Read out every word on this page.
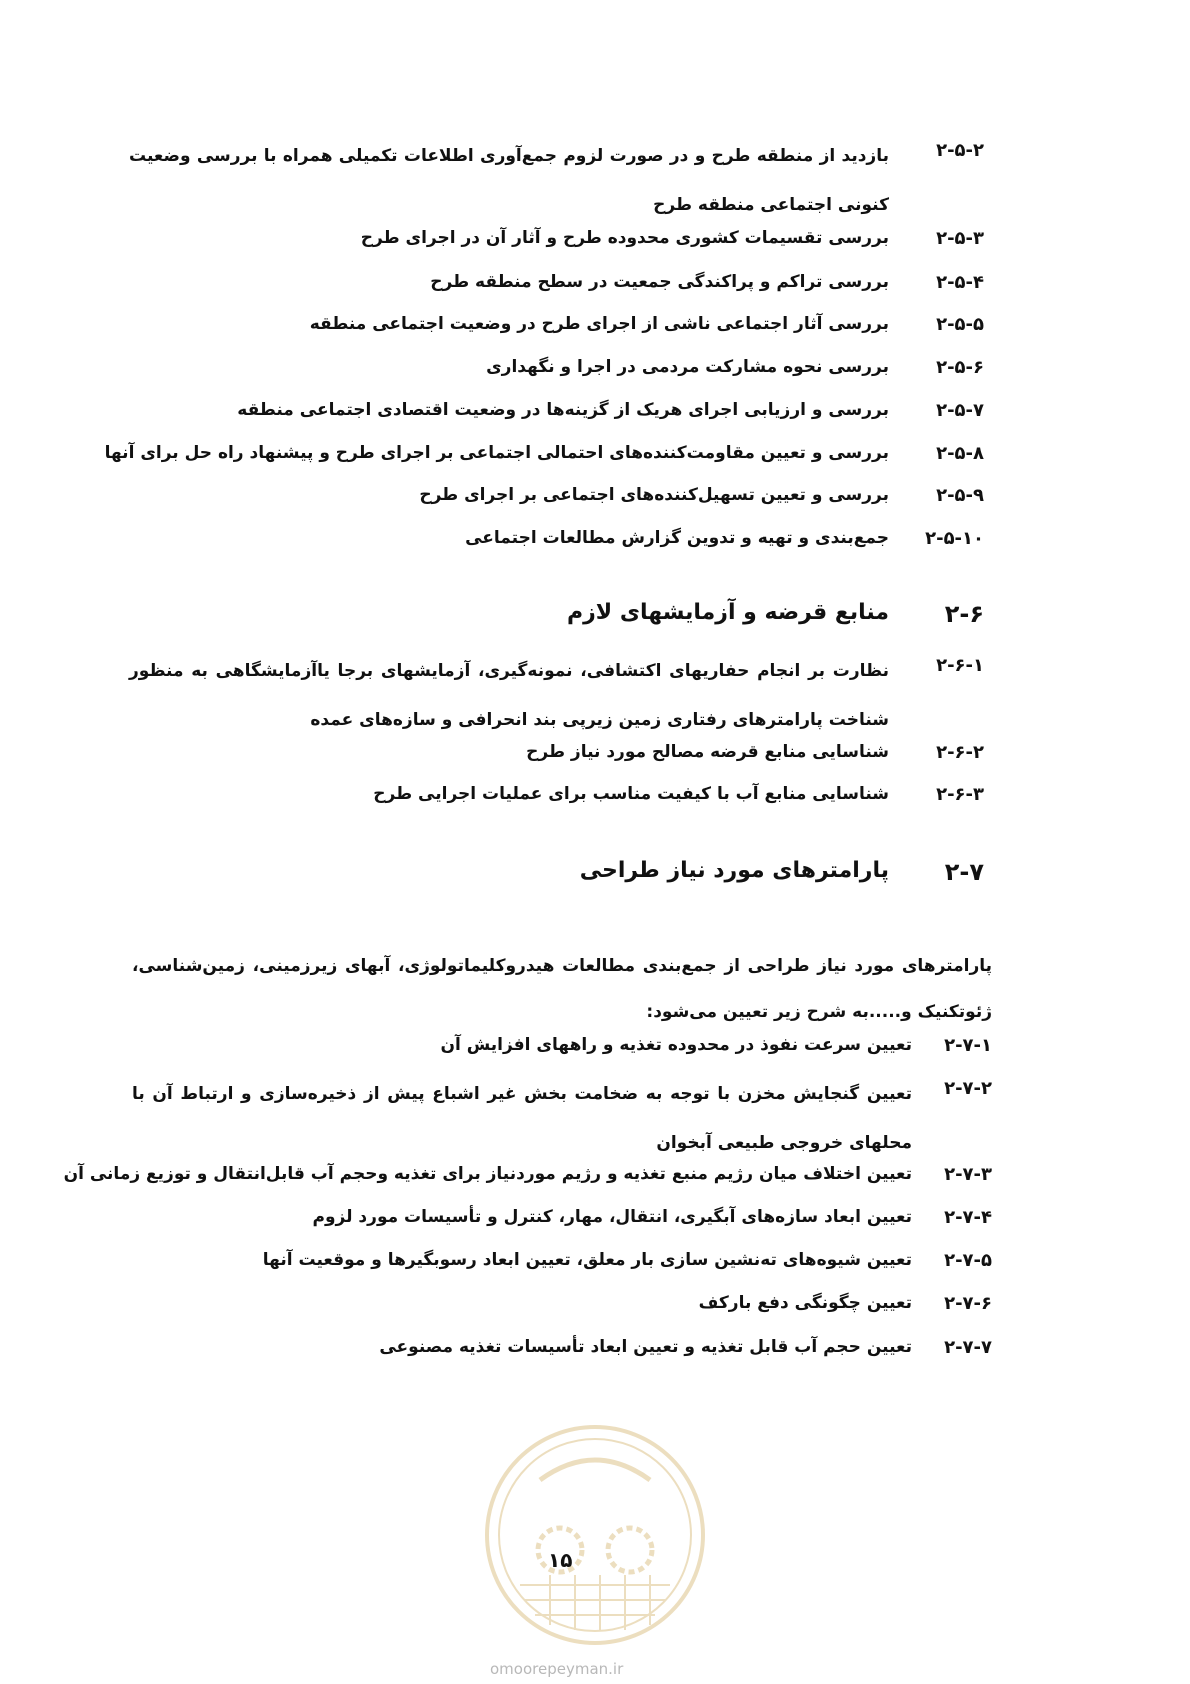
۲-۵-۲
بازدید از منطقه طرح و در صورت لزوم جمع‌آوری اطلاعات تکمیلی همراه با بررسی وضعیت کنونی اجتماعی منطقه طرح
۲-۵-۳
بررسی تقسیمات کشوری محدوده طرح و آثار آن در اجرای طرح
۲-۵-۴
بررسی تراکم و پراکندگی جمعیت در سطح منطقه طرح
۲-۵-۵
بررسی آثار اجتماعی ناشی از اجرای طرح در وضعیت اجتماعی منطقه
۲-۵-۶
بررسی نحوه مشارکت مردمی در اجرا و نگهداری
۲-۵-۷
بررسی و ارزیابی اجرای هریک از گزینه‌ها در وضعیت اقتصادی اجتماعی منطقه
۲-۵-۸
بررسی و تعیین مقاومت‌کننده‌های احتمالی اجتماعی بر اجرای طرح و پیشنهاد راه حل برای آنها
۲-۵-۹
بررسی و تعیین تسهیل‌کننده‌های اجتماعی بر اجرای طرح
۲-۵-۱۰
جمع‌بندی و تهیه و تدوین گزارش مطالعات اجتماعی
۲-۶
منابع قرضه و آزمایشهای لازم
۲-۶-۱
نظارت بر انجام حفاریهای اکتشافی، نمونه‌گیری، آزمایشهای برجا یاآزمایشگاهی به منظور شناخت پارامترهای رفتاری زمین زیرپی بند انحرافی و سازه‌های عمده
۲-۶-۲
شناسایی منابع قرضه مصالح مورد نیاز طرح
۲-۶-۳
شناسایی منابع آب با کیفیت مناسب برای عملیات اجرایی طرح
۲-۷
پارامترهای مورد نیاز طراحی
پارامترهای مورد نیاز طراحی از جمع‌بندی مطالعات هیدروکلیماتولوژی، آبهای زیرزمینی، زمین‌شناسی، ژئوتکنیک و.....به شرح زیر تعیین می‌شود:
۲-۷-۱
تعیین سرعت نفوذ در محدوده تغذیه و راههای افزایش آن
۲-۷-۲
تعیین گنجایش مخزن با توجه به ضخامت بخش غیر اشباع پیش از ذخیره‌سازی و ارتباط آن با محلهای خروجی طبیعی آبخوان
۲-۷-۳
تعیین اختلاف میان رژیم منبع تغذیه و رژیم موردنیاز برای تغذیه وحجم آب قابل‌انتقال و توزیع زمانی آن
۲-۷-۴
تعیین ابعاد سازه‌های آبگیری، انتقال، مهار، کنترل و تأسیسات مورد لزوم
۲-۷-۵
تعیین شیوه‌های ته‌نشین سازی بار معلق، تعیین ابعاد رسوبگیرها و موقعیت آنها
۲-۷-۶
تعیین چگونگی دفع بارکف
۲-۷-۷
تعیین حجم آب قابل تغذیه و تعیین ابعاد تأسیسات تغذیه مصنوعی
۱۵
omoorepeyman.ir
